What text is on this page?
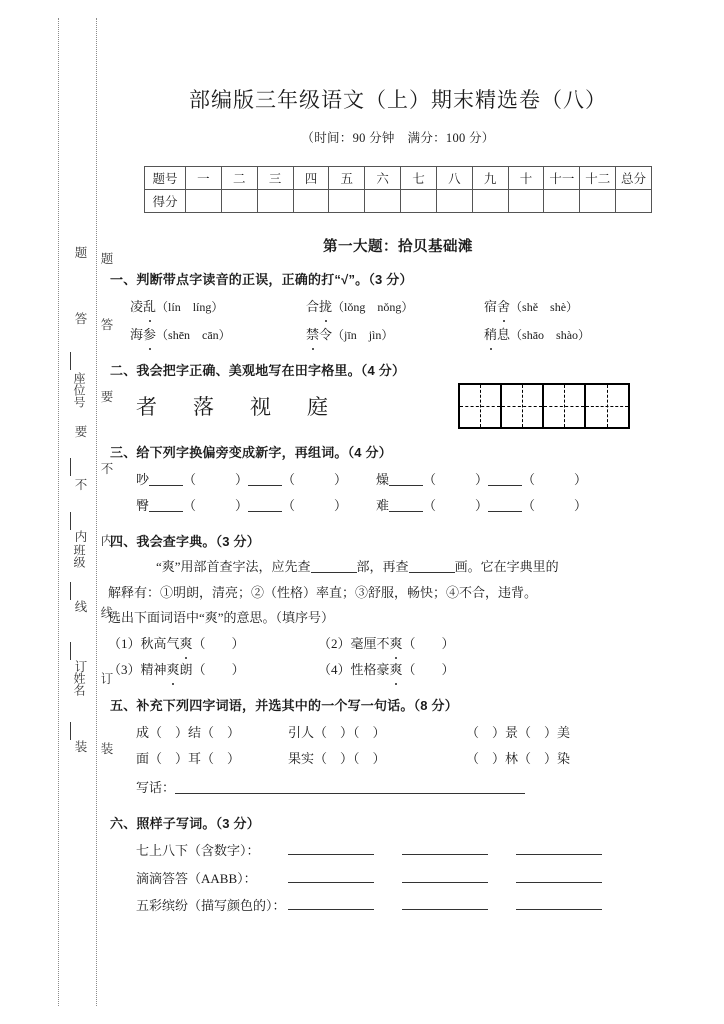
题
答
座位号
要
不
内
班级
线
订
姓名
装
题
答
要
不
内
线
订
装
部编版三年级语文（上）期末精选卷（八）
（时间：90 分钟　满分：100 分）
题号	一	二	三	四	五	六	七	八	九	十	十一	十二	总分
得分													
第一大题：拾贝基础滩
一、判断带点字读音的正误，正确的打“√”。（3 分）
凌乱（lín　líng）	合拢（lǒng　nǒng）	宿舍（shě　shè）
海参（shēn　cān）	禁令（jīn　jìn）	稍息（shāo　shào）
二、我会把字正确、美观地写在田字格里。（4 分）
者 落 视 庭
三、给下列字换偏旁变成新字，再组词。（4 分）
吵	（　　　）	（　　　）	燥	（　　　）	（　　　）
臀	（　　　）	（　　　）	难	（　　　）	（　　　）
四、我会查字典。（3 分）
“爽”用部首查字法，应先查	部，再查	画。它在字典里的
解释有：①明朗，清亮；②（性格）率直；③舒服，畅快；④不合，违背。
选出下面词语中“爽”的意思。（填序号）
（1）秋高气爽（　　）	（2）毫厘不爽（　　）
（3）精神爽朗（　　）	（4）性格豪爽（　　）
五、补充下列四字词语，并选其中的一个写一句话。（8 分）
成（　）结（　）	引人（　）（　）	（　）景（　）美
面（　）耳（　）	果实（　）（　）	（　）林（　）染
写话：
六、照样子写词。（3 分）
七上八下（含数字）：
滴滴答答（AABB）：
五彩缤纷（描写颜色的）：
